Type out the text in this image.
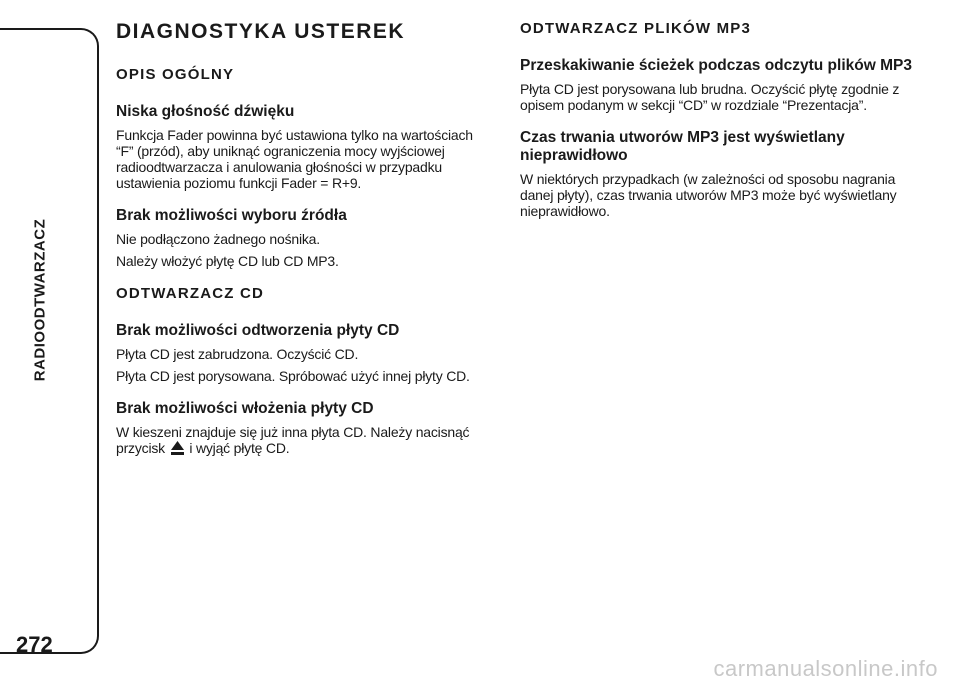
RADIOODTWARZACZ
272
DIAGNOSTYKA USTEREK
OPIS OGÓLNY
Niska głośność dźwięku
Funkcja Fader powinna być ustawiona tylko na wartościach “F” (przód), aby uniknąć ograniczenia mocy wyjściowej radioodtwarzacza i anulowania głośności w przypadku ustawienia poziomu funkcji Fader = R+9.
Brak możliwości wyboru źródła
Nie podłączono żadnego nośnika.
Należy włożyć płytę CD lub CD MP3.
ODTWARZACZ CD
Brak możliwości odtworzenia płyty CD
Płyta CD jest zabrudzona. Oczyścić CD.
Płyta CD jest porysowana. Spróbować użyć innej płyty CD.
Brak możliwości włożenia płyty CD
W kieszeni znajduje się już inna płyta CD. Należy nacisnąć przycisk i wyjąć płytę CD.
ODTWARZACZ PLIKÓW MP3
Przeskakiwanie ścieżek podczas odczytu plików MP3
Płyta CD jest porysowana lub brudna. Oczyścić płytę zgodnie z opisem podanym w sekcji “CD” w rozdziale “Prezentacja”.
Czas trwania utworów MP3 jest wyświetlany nieprawidłowo
W niektórych przypadkach (w zależności od sposobu nagrania danej płyty), czas trwania utworów MP3 może być wyświetlany nieprawidłowo.
carmanualsonline.info
